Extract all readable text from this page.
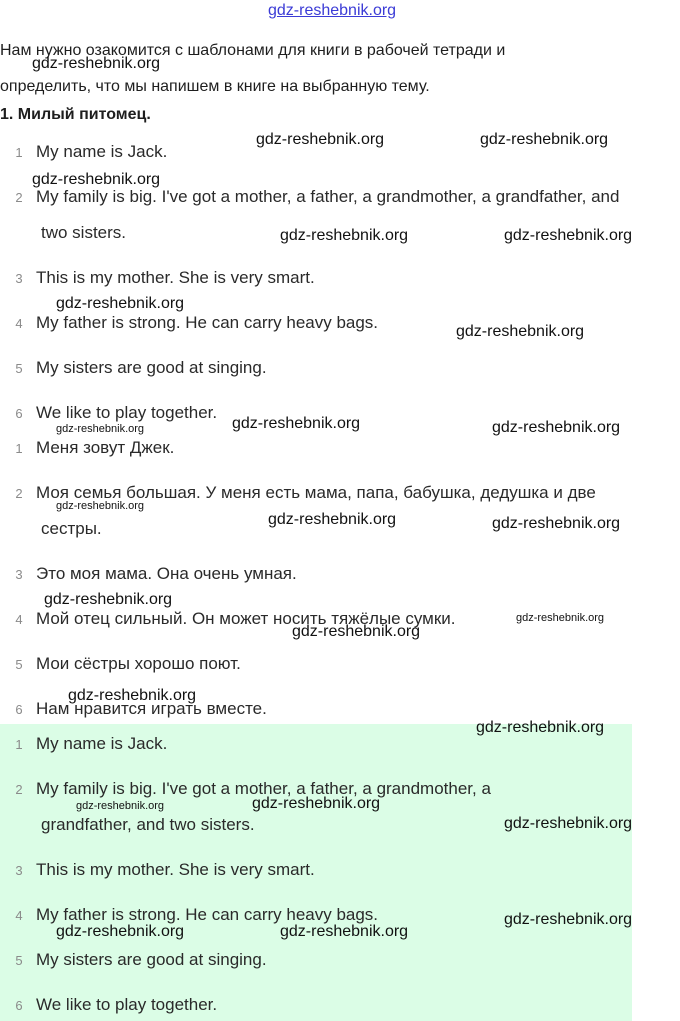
gdz-reshebnik.org
Нам нужно озакомится с шаблонами для книги в рабочей тетради и
определить, что мы напишем в книге на выбранную тему.
1. Милый питомец.
1 My name is Jack.
2 My family is big. I've got a mother, a father, a grandmother, a grandfather, and
two sisters.
3 This is my mother. She is very smart.
4 My father is strong. He can carry heavy bags.
5 My sisters are good at singing.
6 We like to play together.
1 Меня зовут Джек.
2 Моя семья большая. У меня есть мама, папа, бабушка, дедушка и две
сестры.
3 Это моя мама. Она очень умная.
4 Мой отец сильный. Он может носить тяжёлые сумки.
5 Мои сёстры хорошо поют.
6 Нам нравится играть вместе.
1 My name is Jack.
2 My family is big. I've got a mother, a father, a grandmother, a
grandfather, and two sisters.
3 This is my mother. She is very smart.
4 My father is strong. He can carry heavy bags.
5 My sisters are good at singing.
6 We like to play together.
gdz-reshebnik.org
gdz-reshebnik.org	gdz-reshebnik.org
gdz-reshebnik.org
gdz-reshebnik.org	gdz-reshebnik.org
gdz-reshebnik.org
gdz-reshebnik.org
gdz-reshebnik.org	gdz-reshebnik.org
gdz-reshebnik.org
gdz-reshebnik.org
gdz-reshebnik.org	gdz-reshebnik.org
gdz-reshebnik.org
gdz-reshebnik.org
gdz-reshebnik.org
gdz-reshebnik.org
gdz-reshebnik.org
gdz-reshebnik.org
gdz-reshebnik.org
gdz-reshebnik.org
gdz-reshebnik.org
gdz-reshebnik.org	gdz-reshebnik.org
